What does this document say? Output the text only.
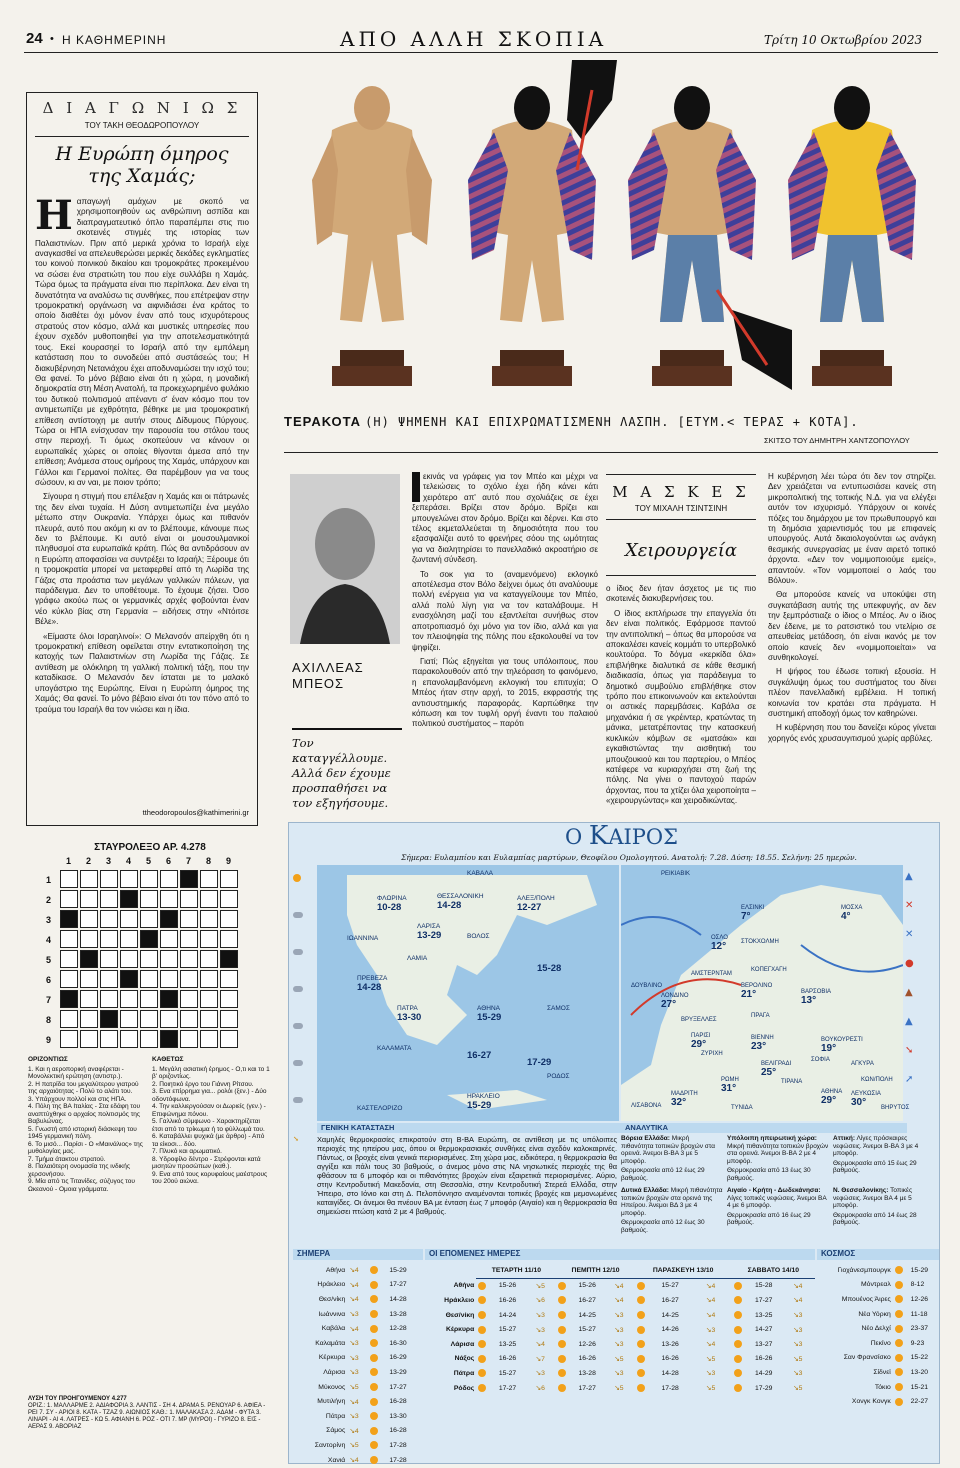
24 • Η ΚΑΘΗΜΕΡΙΝΗ	ΑΠΟ ΑΛΛΗ ΣΚΟΠΙΑ	Τρίτη 10 Οκτωβρίου 2023
Δ Ι Α Γ Ω Ν Ι Ω Σ
ΤΟΥ ΤΑΚΗ ΘΕΟΔΩΡΟΠΟΥΛΟΥ
Η Ευρώπη όμηρος της Χαμάς;

Ηαπαγωγή αμάχων με σκοπό να χρησιμοποιηθούν ως ανθρώπινη ασπίδα και διαπραγματευτικό όπλο παραπέμπει στις πιο σκοτεινές στιγμές της ιστορίας των Παλαιστινίων. Πριν από μερικά χρόνια το Ισραήλ είχε αναγκασθεί να απελευθερώσει μερικές δεκάδες εγκληματίες του κοινού ποινικού δικαίου και τρομοκράτες προκειμένου να σώσει ένα στρατιώτη του που είχε συλλάβει η Χαμάς. Τώρα όμως τα πράγματα είναι πιο περίπλοκα. Δεν είναι τη δυνατότητα να αναλύσω τις συνθήκες, που επέτρεψαν στην τρομοκρατική οργάνωση να αιφνιδιάσει ένα κράτος το οποίο διαθέτει όχι μόνον έναν από τους ισχυρότερους στρατούς στον κόσμο, αλλά και μυστικές υπηρεσίες που έχουν σχεδόν μυθοποιηθεί για την αποτελεσματικότητά τους. Εκεί κουρασηεί το Ισραήλ από την εμπόλεμη κατάσταση που το συνοδεύει από συστάσεώς του; Η διακυβέρνηση Νετανιάχου έχει αποδυναμώσει την ισχύ του; Θα φανεί. Το μόνο βέβαιο είναι ότι η χώρα, η μοναδική δημοκρατία στη Μέση Ανατολή, τα προκεχωρημένο φυλάκιο του δυτικού πολιτισμού απέναντι σ' έναν κόσμο που τον αντιμετωπίζει με εχθρότητα, βέθηκε με μια τρομοκρατική επίθεση αντίστοιχη με αυτήν στους Δίδυμους Πύργους. Τώρα οι ΗΠΑ ενίσχυσαν την παρουσία του στόλου τους στην περιοχή. Τι όμως σκοπεύουν να κάνουν οι ευρωπαϊκές χώρες οι οποίες θίγονται άμεσα από την επίθεση; Ανάμεσα στους ομήρους της Χαμάς, υπάρχουν και Γάλλοι και Γερμανοί πολίτες. Θα παρέμβουν για να τους σώσουν, κι αν ναι, με ποιον τρόπο;

Σίγουρα η στιγμή που επέλεξαν η Χαμάς και οι πάτρωνές της δεν είναι τυχαία. Η Δύση αντιμετωπίζει ένα μεγάλο μέτωπο στην Ουκρανία. Υπάρχει όμως και πιθανόν πλευρά, αυτό που ακόμη κι αν το βλέπουμε, κάνουμε πως δεν το βλέπουμε. Κι αυτό είναι οι μουσουλμανικοί πληθυσμοί στα ευρωπαϊκά κράτη. Πώς θα αντιδράσουν αν η Ευρώπη αποφασίσει να συντρέξει το Ισραήλ; Ξέρουμε ότι η τρομοκρατία μπορεί να μεταφερθεί από τη Λωρίδα της Γάζας στα προάστια των μεγάλων γαλλικών πόλεων, για παράδειγμα. Δεν το υποθέτουμε. Το έχουμε ζήσει. Όσο γράφω ακούω πως οι γερμανικές αρχές φοβούνται έναν νέο κύκλο βίας στη Γερμανία – ειδήσεις στην «Ντόιτσε Βέλε».

«Είμαστε όλοι Ισραηλινοί»: Ο Μελανσόν απείρχθη ότι η τρομοκρατική επίθεση οφείλεται στην εντατικοποίηση της κατοχής των Παλαιστινίων στη Λωρίδα της Γάζας. Σε αντίθεση με ολόκληρη τη γαλλική πολιτική τάξη, που την καταδίκασε. Ο Μελανσόν δεν ίσταται με το μαλακό υπογάστριο της Ευρώπης. Είναι η Ευρώπη όμηρος της Χαμάς; Θα φανεί. Το μόνο βέβαιο είναι ότι τον πόνο από το τραύμα του Ισραήλ θα τον νιώσει και η ίδια.

ttheodoropoulos@kathimerini.gr
ΤΕΡΑΚΟΤΑ (Η) ΨΗΜΕΝΗ ΚΑΙ ΕΠΙΧΡΩΜΑΤΙΣΜΕΝΗ ΛΑΣΠΗ. [ΕΤΥΜ.< ΤΕΡΑΣ + ΚΟΤΑ].
ΣΚΙΤΣΟ ΤΟΥ ΔΗΜΗΤΡΗ ΧΑΝΤΖΟΠΟΥΛΟΥ
ΑΧΙΛΛΕΑΣ
ΜΠΕΟΣ
Τον καταγγέλλουμε. Αλλά δεν έχουμε προσπαθήσει να τον εξηγήσουμε.

εκινάς να γράφεις για τον Μπέο και μέχρι να τελειώσεις το σχόλιο έχει ήδη κάνει κάτι χειρότερο απ' αυτό που σχολιάζεις σε έχει ξεπεράσει. Βρίζει στον δρόμο. Βρίζει και μπουγελώνει στον δρόμο. Βρίζει και δέρνει. Και στο τέλος εκμεταλλεύεται τη δημοσιότητα που του εξασφαλίζει αυτό το φρενήρες σόου της ωμότητας για να διαλητηρίσει το πανελλαδικό ακροατήριο σε ζωντανή σύνδεση.

Το σοκ για το (αναμενόμενο) εκλογικό αποτέλεσμα στον Βόλο δείχνει όμως ότι αναλύουμε πολλή ενέργεια για να καταγγείλουμε τον Μπέο, αλλά πολύ λίγη για να τον καταλάβουμε. Η ενασχόληση μαζί του εξαντλείται συνήθως στον αποτροπιασμό όχι μόνο για τον ίδιο, αλλά και για τον πλειοψηφία της πόλης που εξακολουθεί να τον ψηφίζει.

Γιατί; Πώς εξηγείται για τους υπόλοιπους, που παρακολουθούν από την τηλεόραση το φαινόμενο, η επανολαμβανόμενη εκλογική του επιτυχία; Ο Μπέος ήταν στην αρχή, το 2015, εκφραστής της αντισυστημικής παραφοράς. Καρπώθηκε την κόπωση και τον τυφλή οργή έναντι του παλαιού πολιτικού συστήματος – παρότι

Μ Α Σ Κ Ε Σ
ΤΟΥ ΜΙΧΑΛΗ ΤΣΙΝΤΣΙΝΗ
Χειρουργεία

ο ίδιος δεν ήταν άσχετος με τις πιο σκοτεινές διακυβερνήσεις του.

Ο ίδιος εκπλήρωσε την επαγγελία ότι δεν είναι πολιτικός. Εφάρμοσε παντού την αντιπολιτική – όπως θα μπορούσε να αποκαλέσει κανείς κομμάτι το υπερβολικό κουλτούρα. Το δόγμα «κερκίδα όλα» επιβλήθηκε διαλυτικά σε κάθε θεσμική διαδικασία, όπως για παράδειγμα το δημοτικό συμβούλιο επιβλήθηκε στον τρόπο που επικοινωνούν και εκτελούνται οι αστικές παρεμβάσεις. Καβάλα σε μηχανάκια ή σε γκρέιντερ, κρατώντας τη μάνικα, μετατρέποντας την κατασκευή κυκλικών κόμβων σε «ματσάκι» και εγκαθιστώντας την αισθητική του μπουζουκιού και του παρτερίου, ο Μπέος κατέφερε να κυριαρχήσει στη ζωή της πόλης. Να γίνει ο παντοχού παρών άρχοντας, που τα χτίζει όλα χειροποίητα – «χειρουργώντας» και χειροδικώντας.

Η κυβέρνηση λέει τώρα ότι δεν τον στηρίζει. Δεν χρειάζεται να εντυπωσιάσει κανείς στη μικροπολιτική της τοπικής Ν.Δ. για να ελέγξει αυτόν τον ισχυρισμό. Υπάρχουν οι κοινές πόζες του δημάρχου με τον πρωθυπουργό και τη δημόσια χαριεντισμός του με επιφανείς υπουργούς. Αυτά δικαιολογούνται ως ανάγκη θεσμικής συνεργασίας με έναν αιρετό τοπικό άρχοντα. «Δεν τον νομιμοποιούμε εμείς», απαντούν. «Τον νομιμοποιεί ο λαός του Βόλου».

Θα μπορούσε κανείς να υποκύψει στη συγκατάβαση αυτής της υπεκφυγής, αν δεν την ξεμπρόστιαζε ο ίδιος ο Μπέος. Αν ο ίδιος δεν έδεινε, με το ρατσιστικό του ντελίριο σε απευθείας μετάδοση, ότι είναι ικανός με τον οποίο κανείς δεν «νομιμοποιείται» να συνθηκολογεί.

Η ψήφος του έδωσε τοπική εξουσία. Η συγκάλυψη όμως του συστήματος του δίνει πλέον πανελλαδική εμβέλεια. Η τοπική κοινωνία τον κρατάει στα πράγματα. Η συστημική αποδοχή όμως τον καθηρώνει.

Η κυβέρνηση που του δανείζει κύρος γίνεται χορηγός ενός χρυσαυγιτισμού χωρίς αρβύλες.

ΣΤΑΥΡΟΛΕΞΟ ΑΡ. 4.278
1 2 3 4 5 6 7 8 9
1
2
3
4
5
6
7
8
9
ΟΡΙΖΟΝΤΙΩΣ
1. Και η αεροπορική αναφέρεται - Μονολεκτική ερώτηση (αντιστρ.).
2. Η πατρίδα του μεγαλύτερου γιατρού της αρχαιότητας - Πολύ το αλάτι του.
3. Υπάρχουν πολλοί και στις ΗΠΑ.
4. Πόλη της ΒΑ Ιταλίας - Στα εδάφη του αναπτύχθηκε ο αρχαίος πολιτισμός της Βαβυλώνας.
5. Γνωστή από ιστορική διάσκεψη του 1945 γερμανική πόλη.
6. Το μισό... Παρίσι - Ο «Μαινάλιος» της μυθολογίας μας.
7. Τμήμα άτακτου στρατού.
8. Παλαιότερη ονομασία της ινδικής χερσονήσου.
9. Μία από τις Τιτανίδες, σύζυγος του Ωκεανού - Ομοια γράμματα.
ΚΑΘΕΤΩΣ
1. Μεγάλη ασιατική έρημος - Ο,τι και το 1 β' οριζοντίως.
2. Ποιητικό έργο του Γιάννη Ρίτσου.
3. Ενα επίρρημα για... ρολόι (ξεν.) - Δύο οδοντόφωνα.
4. Την καλλιεργούσαν οι Δωριείς (γεν.) - Επιφώνημα πόνου.
5. Γαλλικό σύμφωνο - Χαρακτηρίζεται έτσι από το τρίκωμα ή το φύλλωμά του.
6. Καταβάλλει ψυχικά (με άρθρο) - Από τα είκοσι... δύο.
7. Πλυκό και αρωματικό.
8. Υδροφίλο δέντρο - Στρέφονται κατά μισητών προσώπων (καθ.).
9. Ενα από τους κορυφαίους μαέστρους του 20ού αιώνα.
ΛΥΣΗ ΤΟΥ ΠΡΟΗΓΟΥΜΕΝΟΥ 4.277
ΟΡΙΖ.: 1. ΜΑΛΛΑΡΜΕ 2. ΑΔΙΑΦΟΡΙΑ 3. ΛΑΝΤΙΣ - ΣΗ 4. ΔΡΑΜΑ 5. ΡΕΝΟΥΑΡ 6. ΑΦΙΕΑ - ΡΕΙ 7. ΣΥ - ΑΡΙΟΙ 8. ΚΑΤΑ - ΤΖΑΖ 9. ΑΙΩΝΙΟΣ ΚΑΘ.: 1. ΜΑΛΑΚΑΣΑ 2. ΑΔΑΜ - ΦΥΤΑ 3. ΛΙΝΑΡΙ - ΑΙ 4. ΛΑΤΡΕΣ - ΚΩ 5. ΑΦΙΑΝΗ 6. ΡΟΖ - ΟΤΙ 7. ΜΡ (ΜΥΡΟΙ) - ΓΥΡΙΖΟ 8. ΕΙΣ - ΑΕΡΑΣ 9. ΑΒΟΡΙΑΖ
Ο ΚΑΙΡΟΣ
Σήμερα: Ευλαμπίου και Ευλαμπίας μαρτύρων, Θεοφίλου Ομολογητού. Ανατολή: 7.28. Δύση: 18.55. Σελήνη: 25 ημερών.
ΦΛΩΡΙΝΑ
10-28
ΘΕΣΣΑΛΟΝΙΚΗ
14-28
ΑΛΕΞ/ΠΟΛΗ
12-27
ΚΑΒΑΛΑ
ΙΩΑΝΝΙΝΑ
ΛΑΡΙΣΑ
13-29	ΒΟΛΟΣ
ΛΑΜΙΑ
ΠΡΕΒΕΖΑ
14-28
ΠΑΤΡΑ
13-30
ΑΘΗΝΑ
15-29
ΣΑΜΟΣ
15-28
ΚΑΛΑΜΑΤΑ
16-27
17-29
ΡΟΔΟΣ
ΗΡΑΚΛΕΙΟ
15-29
ΚΑΣΤΕΛΟΡΙΖΟ
↘
ΡΕΙΚΙΑΒΙΚ
ΕΛΣΙΝΚΙ
7°
ΜΟΣΧΑ
4°
ΟΣΛΟ
12°	ΣΤΟΚΧΟΛΜΗ
ΚΟΠΕΓΧΑΓΗ
ΔΟΥΒΛΙΝΟ
ΑΜΣΤΕΡΝΤΑΜ
ΒΕΡΟΛΙΝΟ
21°	ΒΑΡΣΟΒΙΑ
13°
ΛΟΝΔΙΝΟ
27°
ΒΡΥΞΕΛΛΕΣ
ΠΡΑΓΑ
ΠΑΡΙΣΙ
29°
ΖΥΡΙΧΗ
ΒΙΕΝΝΗ
23°
ΒΟΥΚΟΥΡΕΣΤΙ
19°
ΒΕΛΙΓΡΑΔΙ
25°
ΣΟΦΙΑ
ΡΩΜΗ
31°
ΤΙΡΑΝΑ
ΑΓΚΥΡΑ
ΜΑΔΡΙΤΗ
32°
ΛΙΣΑΒΟΝΑ	ΤΥΝΙΔΑ
ΑΘΗΝΑ
29°
ΛΕΥΚΩΣΙΑ
30°
ΚΩΝ/ΠΟΛΗ
ΒΗΡΥΤΟΣ
▲
✕
✕
●
▲
▲
➘
➚
ΓΕΝΙΚΗ ΚΑΤΑΣΤΑΣΗ
Χαμηλές θερμοκρασίες επικρατούν στη Β-ΒΑ Ευρώπη, σε αντίθεση με τις υπόλοιπες περιοχές της ηπείρου μας, όπου οι θερμοκρασιακές συνθήκες είναι σχεδόν καλοκαιρινές. Πάντως, οι βροχές είναι γενικά περιορισμένες. Στη χώρα μας, ειδικότερα, η θερμοκρασία θα αγγίξει και πάλι τους 30 βαθμούς, ο άνεμος μόνο στις ΝΑ νησιωτικές περιοχές της θα φθάσουν τα 6 μποφόρ και οι πιθανότητες βροχών είναι εξαιρετικά περιορισμένες. Αύριο, στην Κεντροδυτική Μακεδονία, στη Θεσσαλία, στην Κεντροδυτική Στερεά Ελλάδα, στην Ήπειρο, στο Ιόνιο και στη Δ. Πελοπόννησο αναμένονται τοπικές βροχές και μεμονωμένες καταιγίδες. Οι άνεμοι θα πνέουν ΒΑ με ένταση έως 7 μποφόρ (Αιγαίο) και η θερμοκρασία θα σημειώσει πτώση κατά 2 με 4 βαθμούς.
ΑΝΑΛΥΤΙΚΑ
Βόρεια Ελλάδα: Μικρή πιθανότητα τοπικών βροχών στα ορεινά. Άνεμοι Β-ΒΑ 3 με 5 μποφόρ.
Θερμοκρασία από 12 έως 29 βαθμούς.
Υπόλοιπη ηπειρωτική χώρα: Μικρή πιθανότητα τοπικών βροχών στα ορεινά. Άνεμοι Β-ΒΑ 2 με 4 μποφόρ.
Θερμοκρασία από 13 έως 30 βαθμούς.
Αττική: Λίγες πρόσκαιρες νεφώσεις. Άνεμοι Β-ΒΑ 3 με 4 μποφόρ.
Θερμοκρασία από 15 έως 29 βαθμούς.
Δυτικά Ελλάδα: Μικρή πιθανότητα τοπικών βροχών στα ορεινά της Ηπείρου. Άνεμοι ΒΔ 3 με 4 μποφόρ.
Θερμοκρασία από 12 έως 30 βαθμούς.
Αιγαίο - Κρήτη - Δωδεκάνησα: Λίγες τοπικές νεφώσεις. Άνεμοι ΒΑ 4 με 6 μποφόρ.
Θερμοκρασία από 16 έως 29 βαθμούς.
Ν. Θεσσαλονίκης: Τοπικές νεφώσεις. Άνεμοι ΒΑ 4 με 5 μποφόρ.
Θερμοκρασία από 14 έως 28 βαθμούς.
ΣΗΜΕΡΑ
Αθήνα	↘4		15-29
Ηράκλειο	↘4		17-27
Θεσ/νίκη	↘4		14-28
Ιωάννινα	↘3		13-28
Καβάλα	↘4		12-28
Καλαμάτα	↘3		16-30
Κέρκυρα	↘3		16-29
Λάρισα	↘3		13-29
Μύκονος	↘5		17-27
Μυτιλήνη	↘4		16-28
Πάτρα	↘3		13-30
Σάμος	↘4		16-28
Σαντορίνη	↘5		17-28
Χανιά	↘4		17-28
ΟΙ ΕΠΟΜΕΝΕΣ ΗΜΕΡΕΣ
	ΤΕΤΑΡΤΗ 11/10			ΠΕΜΠΤΗ 12/10			ΠΑΡΑΣΚΕΥΗ 13/10			ΣΑΒΒΑΤΟ 14/10		
Αθήνα		15-26	↘5		15-26	↘4		15-27	↘4		15-28	↘4
Ηράκλειο		16-26	↘6		16-27	↘4		16-27	↘4		17-27	↘4
Θεσ/νίκη		14-24	↘3		14-25	↘3		14-25	↘4		13-25	↘3
Κέρκυρα		15-27	↘3		15-27	↘3		14-26	↘3		14-27	↘3
Λάρισα		13-25	↘4		12-26	↘3		13-26	↘4		13-27	↘3
Νάξος		16-26	↘7		16-26	↘5		16-26	↘5		16-26	↘5
Πάτρα		15-27	↘3		13-28	↘3		14-28	↘3		14-29	↘3
Ρόδος		17-27	↘6		17-27	↘5		17-28	↘5		17-29	↘5
ΚΟΣΜΟΣ
Γιοχάνεσμπουργκ		15-29
Μόντρεαλ		8-12
Μπουένος Άιρες		12-26
Νέα Υόρκη		11-18
Νέο Δελχί		23-37
Πεκίνο		9-23
Σαν Φρανσίσκο		15-22
Σίδνεϊ		13-20
Τόκιο		15-21
Χονγκ Κονγκ		22-27
